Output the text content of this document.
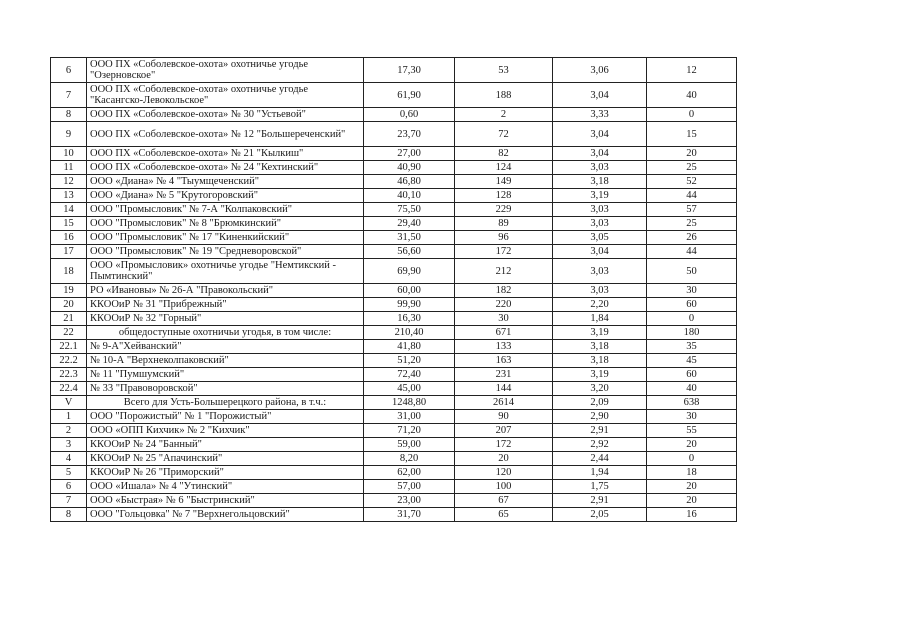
6	ООО ПХ «Соболевское-охота» охотничье угодье "Озерновское"	17,30	53	3,06	12
7	ООО ПХ «Соболевское-охота» охотничье угодье "Касангско-Левокольское"	61,90	188	3,04	40
8	ООО ПХ «Соболевское-охота» № 30 "Устьевой"	0,60	2	3,33	0
9	ООО ПХ «Соболевское-охота» № 12 "Большереченский"	23,70	72	3,04	15
10	ООО ПХ «Соболевское-охота» № 21 "Кылкиш"	27,00	82	3,04	20
11	ООО ПХ «Соболевское-охота» № 24 "Кехтинский"	40,90	124	3,03	25
12	ООО «Диана» № 4 "Тыумщеченский"	46,80	149	3,18	52
13	ООО «Диана» № 5 "Крутогоровский"	40,10	128	3,19	44
14	ООО "Промысловик" № 7-А "Колпаковский"	75,50	229	3,03	57
15	ООО "Промысловик" № 8 "Брюмкинский"	29,40	89	3,03	25
16	ООО "Промысловик" № 17 "Киненкийский"	31,50	96	3,05	26
17	ООО "Промысловик" № 19 "Средневоровской"	56,60	172	3,04	44
18	ООО «Промысловик» охотничье угодье "Немтикский - Пымтинский"	69,90	212	3,03	50
19	РО «Ивановы» № 26-А "Правокольский"	60,00	182	3,03	30
20	ККООиР № 31 "Прибрежный"	99,90	220	2,20	60
21	ККООиР № 32 "Горный"	16,30	30	1,84	0
22	общедоступные охотничьи угодья, в том числе:	210,40	671	3,19	180
22.1	№ 9-А"Хейванский"	41,80	133	3,18	35
22.2	№ 10-А "Верхнеколпаковский"	51,20	163	3,18	45
22.3	№ 11 "Пумшумский"	72,40	231	3,19	60
22.4	№ 33 "Правоворовской"	45,00	144	3,20	40
V	Всего для Усть-Большерецкого района, в т.ч.:	1248,80	2614	2,09	638
1	ООО "Порожистый" № 1 "Порожистый"	31,00	90	2,90	30
2	ООО «ОПП Кихчик» № 2 "Кихчик"	71,20	207	2,91	55
3	ККООиР № 24 "Банный"	59,00	172	2,92	20
4	ККООиР № 25 "Апачинский"	8,20	20	2,44	0
5	ККООиР № 26 "Приморский"	62,00	120	1,94	18
6	ООО «Ишала» № 4 "Утинский"	57,00	100	1,75	20
7	ООО «Быстрая» № 6 "Быстринский"	23,00	67	2,91	20
8	ООО "Гольцовка" № 7 "Верхнегольцовский"	31,70	65	2,05	16
